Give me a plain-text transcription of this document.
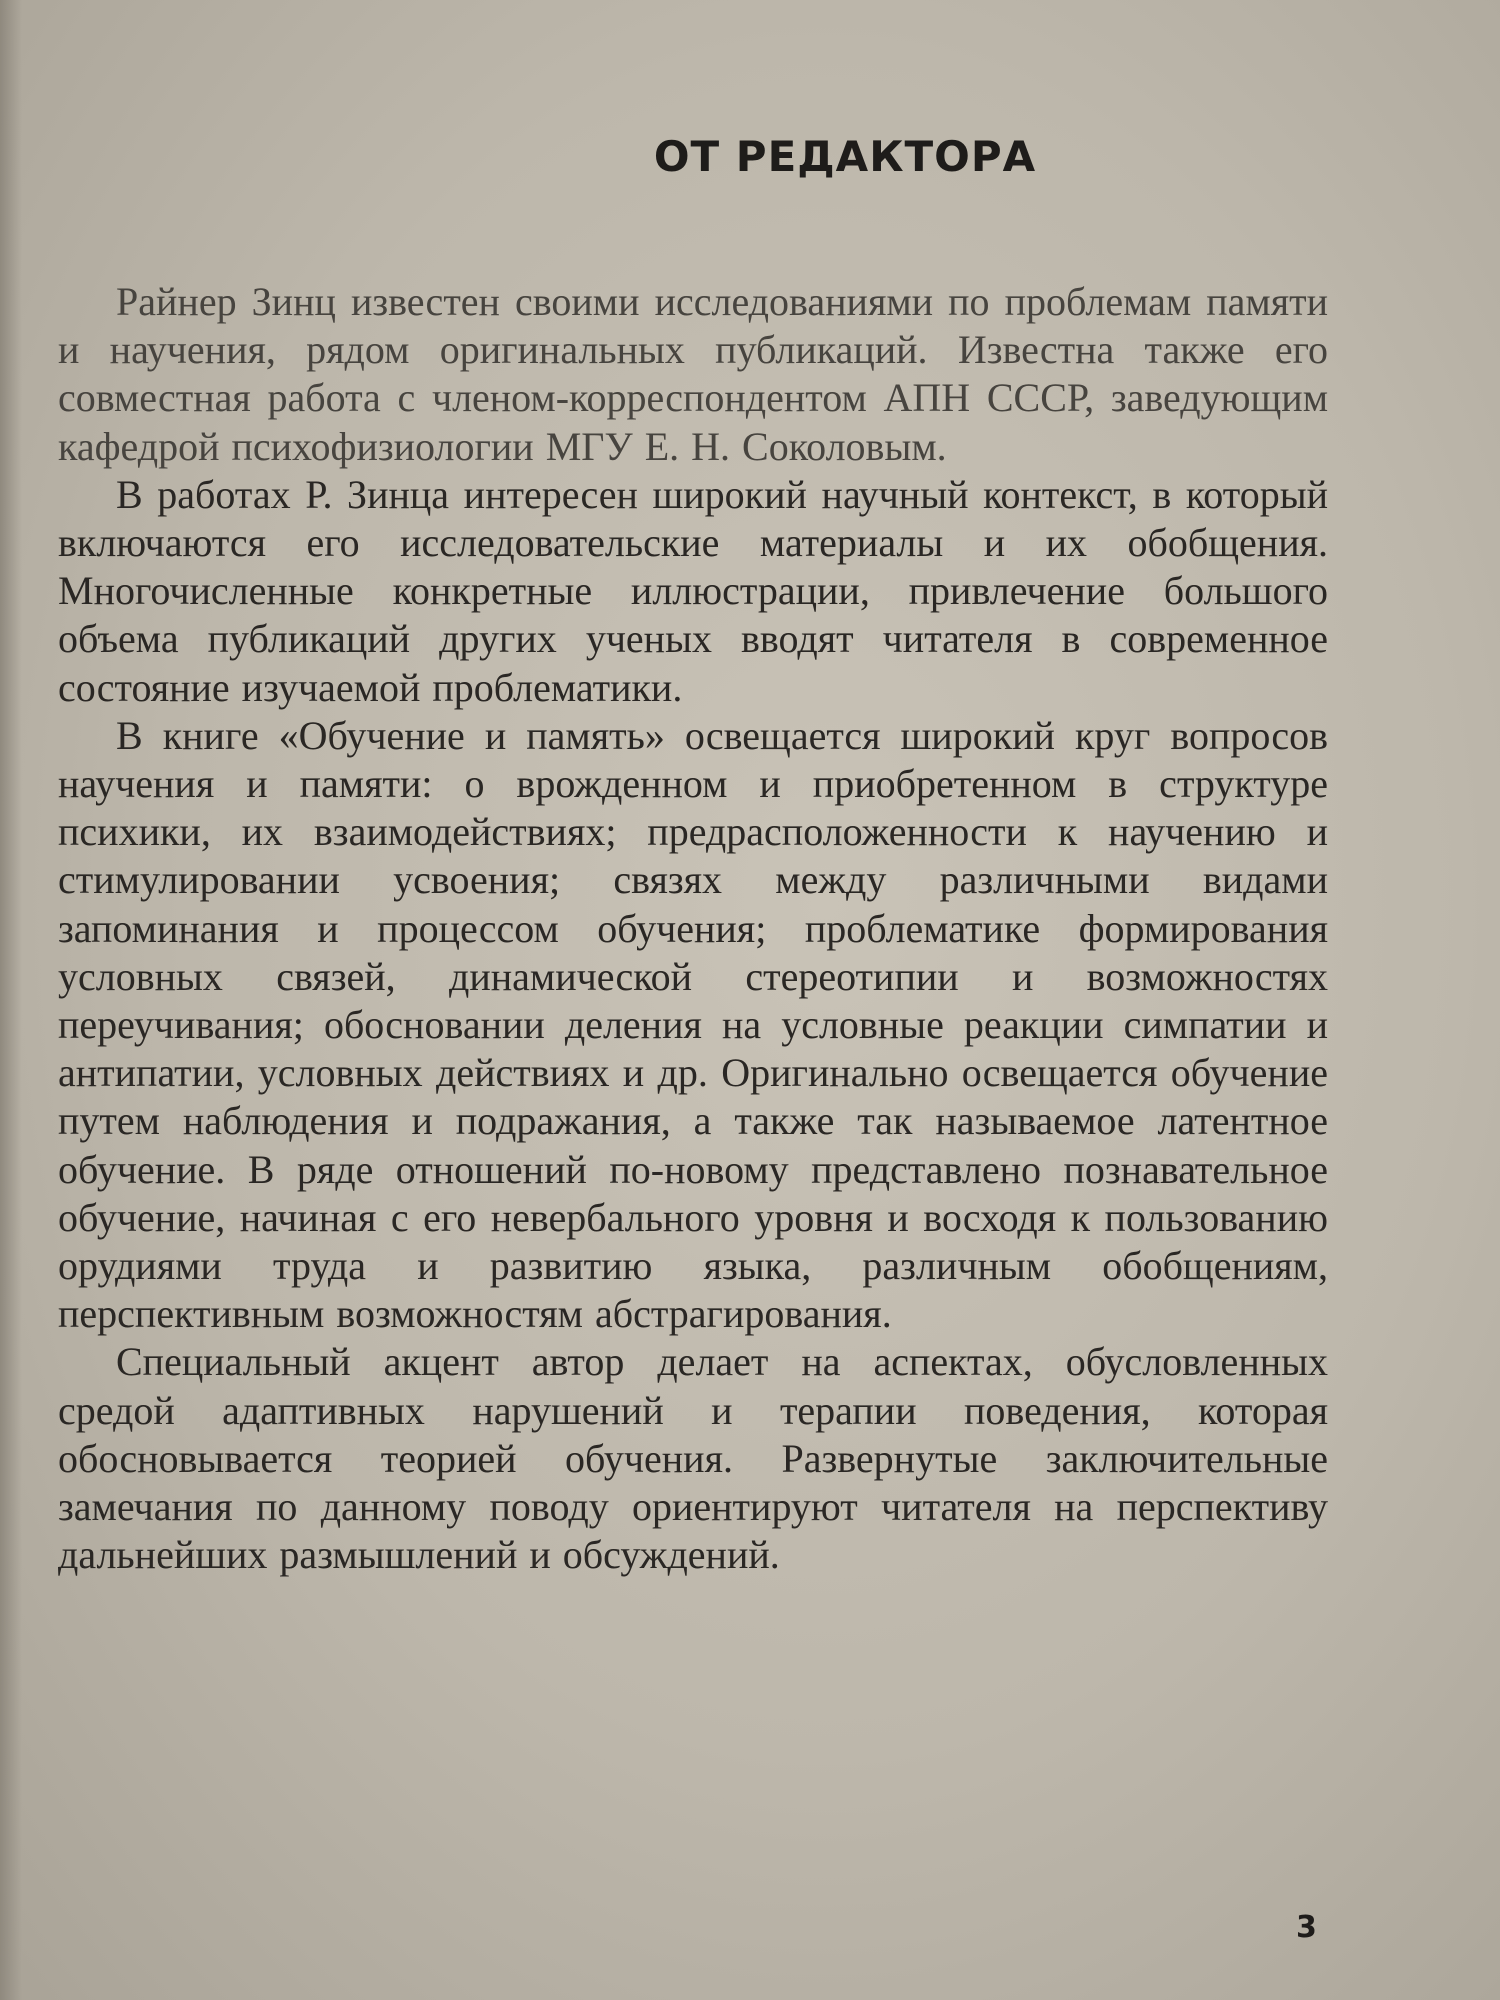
ОТ РЕДАКТОРА

Райнер Зинц известен своими исследованиями по проблемам памяти и научения, рядом оригинальных публикаций. Известна также его совместная работа с членом-корреспондентом АПН СССР, заведующим кафедрой психофизиологии МГУ Е. Н. Соколовым.

В работах Р. Зинца интересен широкий научный контекст, в который включаются его исследовательские материалы и их обобщения. Многочисленные конкретные иллюстрации, привлечение большого объема публикаций других ученых вводят читателя в современное состояние изучаемой проблематики.

В книге «Обучение и память» освещается широкий круг вопросов научения и памяти: о врожденном и приобретенном в структуре психики, их взаимодействиях; предрасположенности к научению и стимулировании усвоения; связях между различными видами запоминания и процессом обучения; проблематике формирования условных связей, динамической стереотипии и возможностях переучивания; обосновании деления на условные реакции симпатии и антипатии, условных действиях и др. Оригинально освещается обучение путем наблюдения и подражания, а также так называемое латентное обучение. В ряде отношений по-новому представлено познавательное обучение, начиная с его невербального уровня и восходя к пользованию орудиями труда и развитию языка, различным обобщениям, перспективным возможностям абстрагирования.

Специальный акцент автор делает на аспектах, обусловленных средой адаптивных нарушений и терапии поведения, которая обосновывается теорией обучения. Развернутые заключительные замечания по данному поводу ориентируют читателя на перспективу дальнейших размышлений и обсуждений.

3
